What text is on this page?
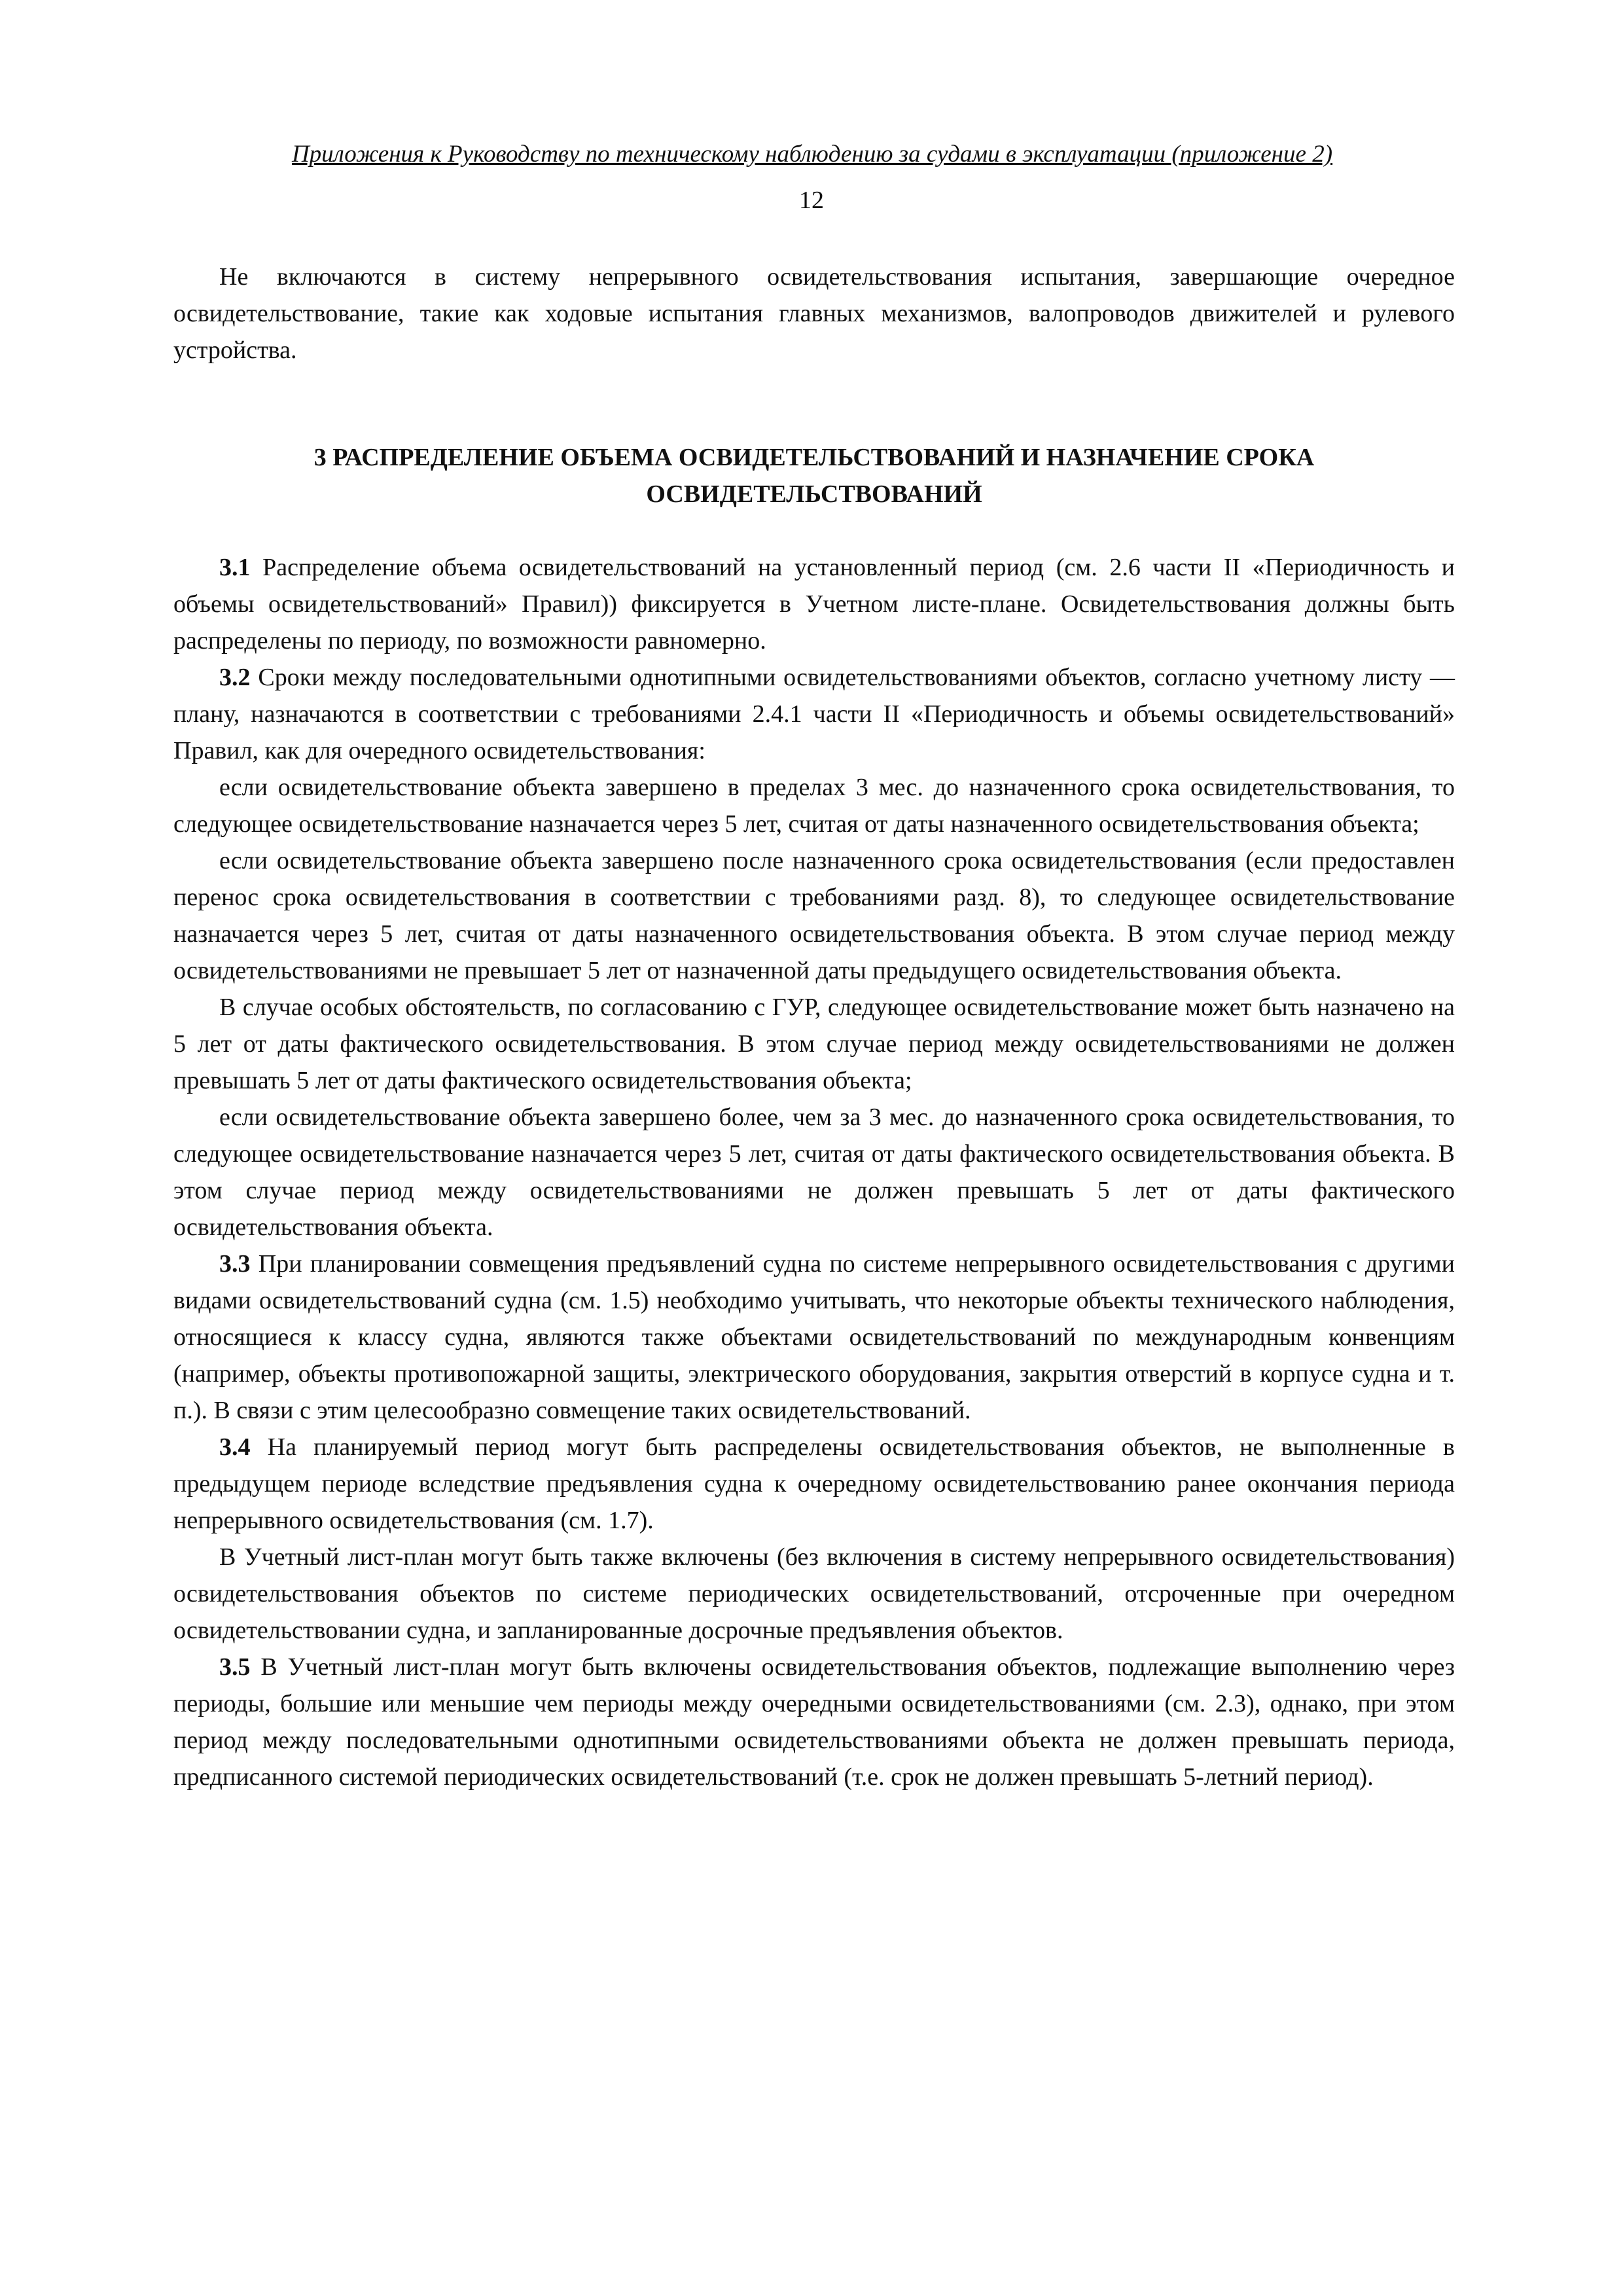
Приложения к Руководству по техническому наблюдению за судами в эксплуатации (приложение 2)
12

Не включаются в систему непрерывного освидетельствования испытания, завершающие очередное освидетельствование, такие как ходовые испытания главных механизмов, валопроводов движителей и рулевого устройства.

3 РАСПРЕДЕЛЕНИЕ ОБЪЕМА ОСВИДЕТЕЛЬСТВОВАНИЙ И НАЗНАЧЕНИЕ СРОКА
ОСВИДЕТЕЛЬСТВОВАНИЙ

3.1 Распределение объема освидетельствований на установленный период (см. 2.6 части II «Периодичность и объемы освидетельствований» Правил)) фиксируется в Учетном листе-плане. Освидетельствования должны быть распределены по периоду, по возможности равномерно.

3.2 Сроки между последовательными однотипными освидетельствованиями объектов, согласно учетному листу — плану, назначаются в соответствии с требованиями 2.4.1 части II «Периодичность и объемы освидетельствований» Правил, как для очередного освидетельствования:

если освидетельствование объекта завершено в пределах 3 мес. до назначенного срока освидетельствования, то следующее освидетельствование назначается через 5 лет, считая от даты назначенного освидетельствования объекта;

если освидетельствование объекта завершено после назначенного срока освидетельствования (если предоставлен перенос срока освидетельствования в соответствии с требованиями разд. 8), то следующее освидетельствование назначается через 5 лет, считая от даты назначенного освидетельствования объекта. В этом случае период между освидетельствованиями не превышает 5 лет от назначенной даты предыдущего освидетельствования объекта.

В случае особых обстоятельств, по согласованию с ГУР, следующее освидетельствование может быть назначено на 5 лет от даты фактического освидетельствования. В этом случае период между освидетельствованиями не должен превышать 5 лет от даты фактического освидетельствования объекта;

если освидетельствование объекта завершено более, чем за 3 мес. до назначенного срока освидетельствования, то следующее освидетельствование назначается через 5 лет, считая от даты фактического освидетельствования объекта. В этом случае период между освидетельствованиями не должен превышать 5 лет от даты фактического освидетельствования объекта.

3.3 При планировании совмещения предъявлений судна по системе непрерывного освидетельствования с другими видами освидетельствований судна (см. 1.5) необходимо учитывать, что некоторые объекты технического наблюдения, относящиеся к классу судна, являются также объектами освидетельствований по международным конвенциям (например, объекты противопожарной защиты, электрического оборудования, закрытия отверстий в корпусе судна и т. п.). В связи с этим целесообразно совмещение таких освидетельствований.

3.4 На планируемый период могут быть распределены освидетельствования объектов, не выполненные в предыдущем периоде вследствие предъявления судна к очередному освидетельствованию ранее окончания периода непрерывного освидетельствования (см. 1.7).

В Учетный лист-план могут быть также включены (без включения в систему непрерывного освидетельствования) освидетельствования объектов по системе периодических освидетельствований, отсроченные при очередном освидетельствовании судна, и запланированные досрочные предъявления объектов.

3.5 В Учетный лист-план могут быть включены освидетельствования объектов, подлежащие выполнению через периоды, большие или меньшие чем периоды между очередными освидетельствованиями (см. 2.3), однако, при этом период между последовательными однотипными освидетельствованиями объекта не должен превышать периода, предписанного системой периодических освидетельствований (т.е. срок не должен превышать 5-летний период).
